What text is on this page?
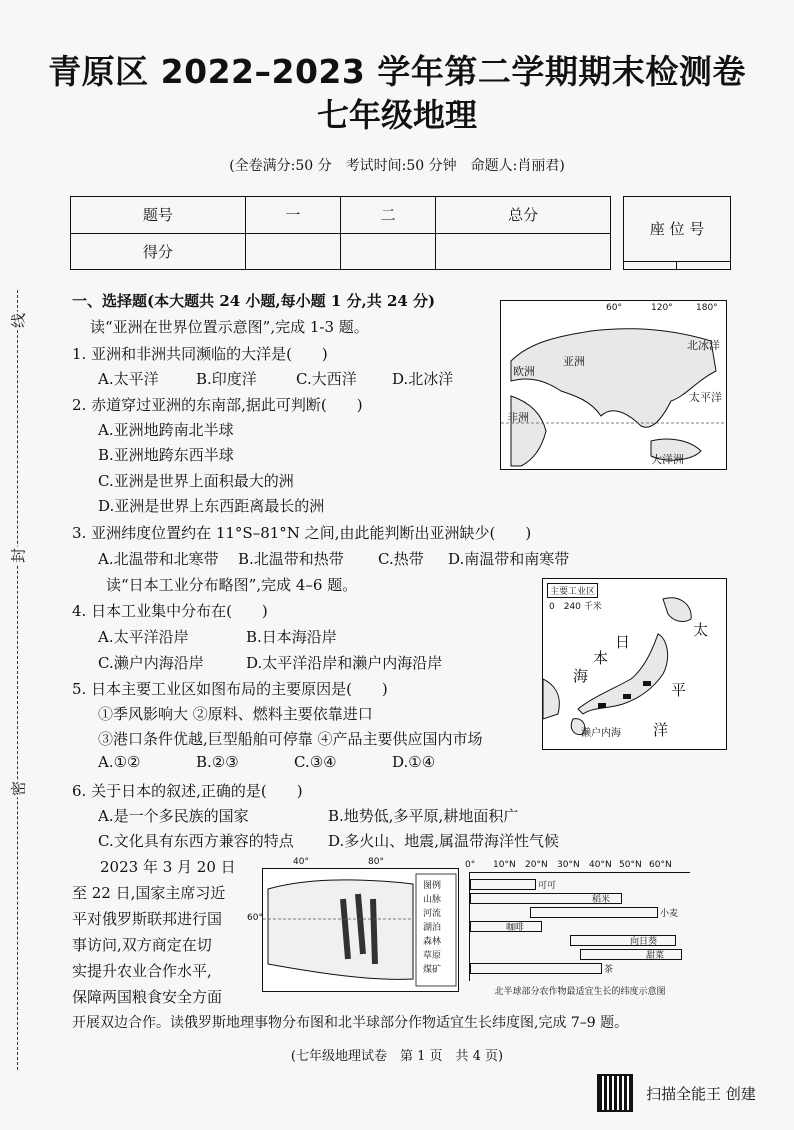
青原区 2022–2023 学年第二学期期末检测卷
七年级地理
(全卷满分:50 分　考试时间:50 分钟　命题人:肖丽君)
题号	一	二	总分
得分			
座 位 号

线
封
密
一、选择题(本大题共 24 小题,每小题 1 分,共 24 分)
读“亚洲在世界位置示意图”,完成 1-3 题。
1. 亚洲和非洲共同濒临的大洋是(　　)
A.太平洋 B.印度洋	C.大西洋 D.北冰洋
2. 赤道穿过亚洲的东南部,据此可判断(　　)
A.亚洲地跨南北半球
B.亚洲地跨东西半球
C.亚洲是世界上面积最大的洲
D.亚洲是世界上东西距离最长的洲
3. 亚洲纬度位置约在 11°S–81°N 之间,由此能判断出亚洲缺少(　　)
A.北温带和北寒带 B.北温带和热带 C.热带 D.南温带和南寒带
读“日本工业分布略图”,完成 4–6 题。
4. 日本工业集中分布在(　　)
A.太平洋沿岸	B.日本海沿岸
C.濑户内海沿岸	D.太平洋沿岸和濑户内海沿岸
5. 日本主要工业区如图布局的主要原因是(　　)
①季风影响大 ②原料、燃料主要依靠进口
③港口条件优越,巨型船舶可停靠 ④产品主要供应国内市场
A.①②	B.②③	C.③④	D.①④
6. 关于日本的叙述,正确的是(　　)
A.是一个多民族的国家	B.地势低,多平原,耕地面积广
C.文化具有东西方兼容的特点 D.多火山、地震,属温带海洋性气候
2023 年 3 月 20 日
至 22 日,国家主席习近
平对俄罗斯联邦进行国
事访问,双方商定在切
实提升农业合作水平,
保障两国粮食安全方面
开展双边合作。读俄罗斯地理事物分布图和北半球部分作物适宜生长纬度图,完成 7–9 题。
60°	120°	180°
亚洲
欧洲
非洲
太平洋
北冰洋
大洋洲
主要工业区
0　240 千米
日
本
海
太
平
洋
濑户内海
40°	80°
60°
图例
山脉
河流
湖泊
森林
草原
煤矿
0° 10°N 20°N 30°N 40°N 50°N 60°N
可可
稻米
小麦
咖啡
向日葵
甜菜
茶
北半球部分农作物最适宜生长的纬度示意图
(七年级地理试卷　第 1 页　共 4 页)
扫描全能王 创建
